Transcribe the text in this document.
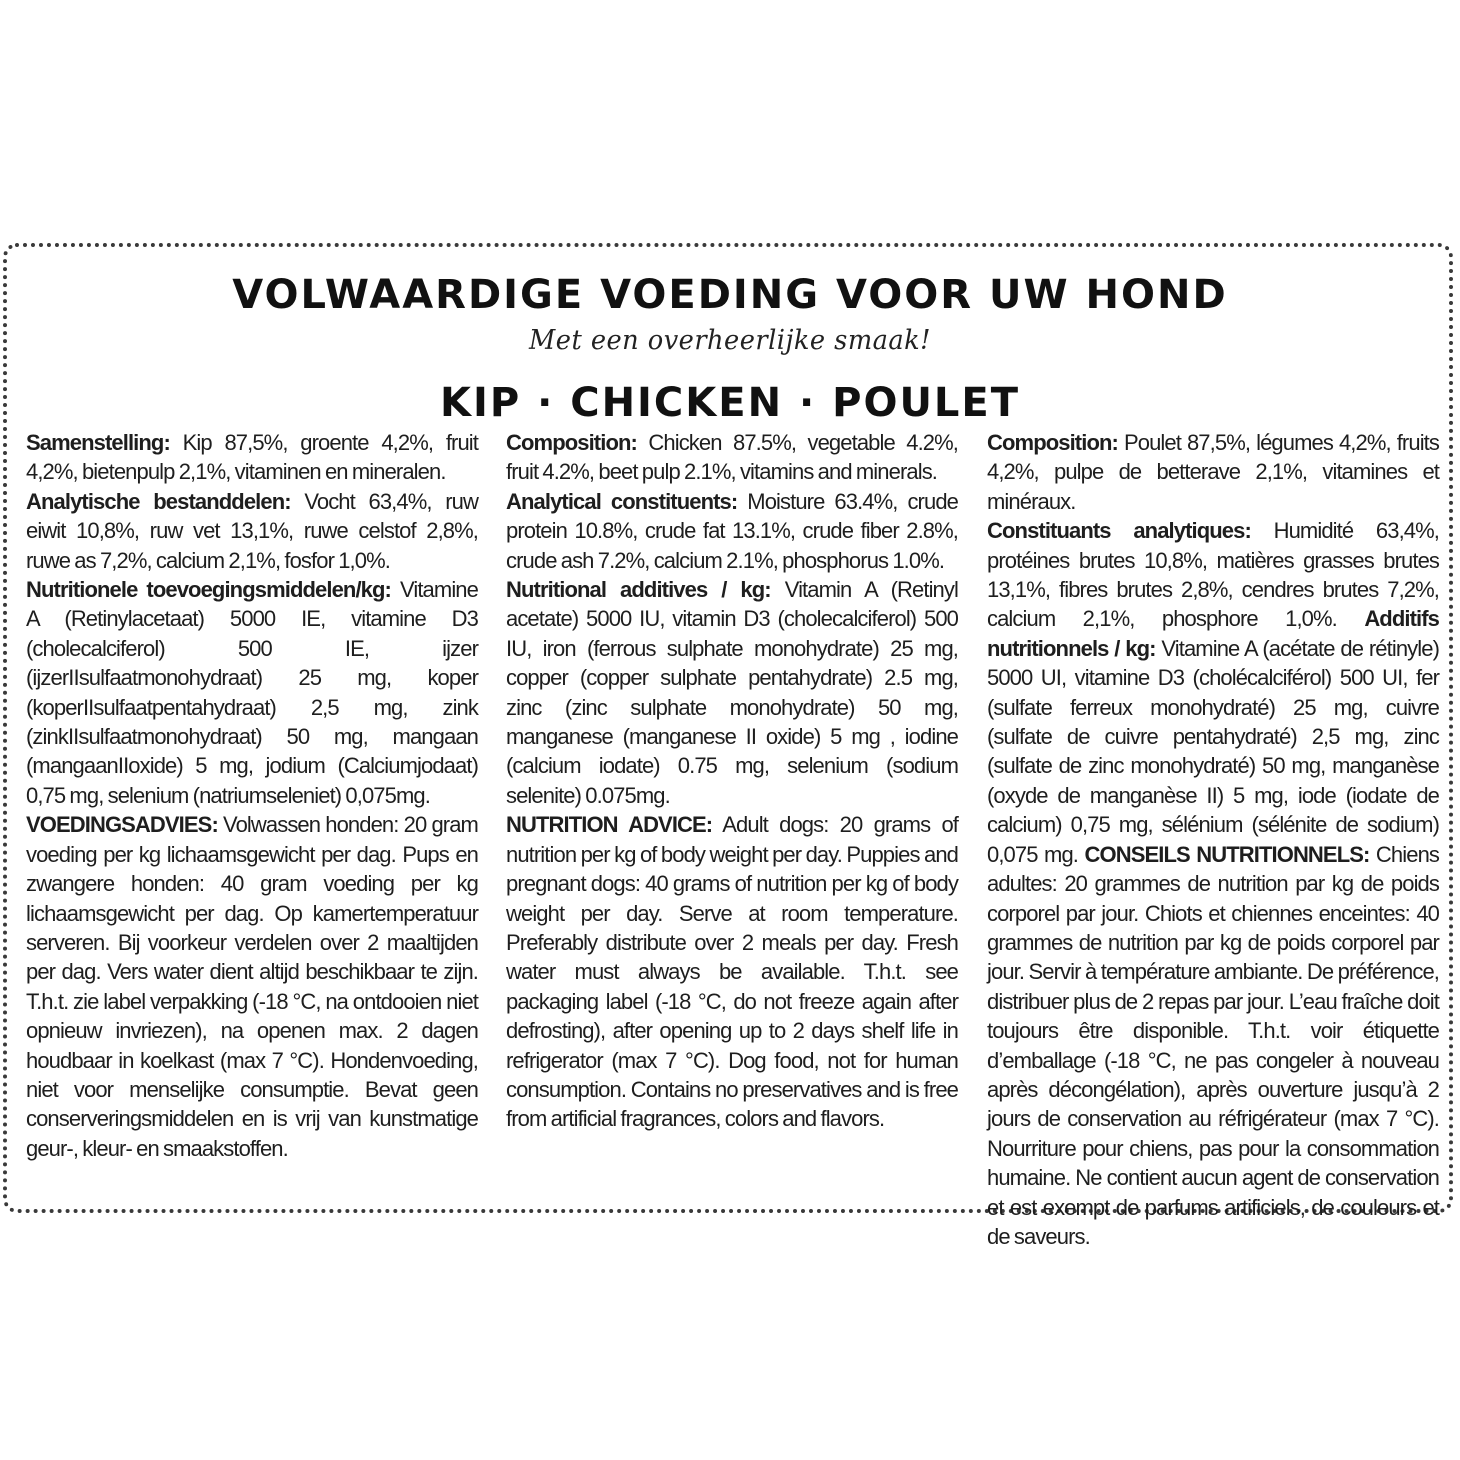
VOLWAARDIGE VOEDING VOOR UW HOND
Met een overheerlijke smaak!
KIP · CHICKEN · POULET

Samenstelling: Kip 87,5%, groente 4,2%, fruit 4,2%, bietenpulp 2,1%, vitaminen en mineralen.

Analytische bestanddelen: Vocht 63,4%, ruw eiwit 10,8%, ruw vet 13,1%, ruwe celstof 2,8%, ruwe as 7,2%, calcium 2,1%, fosfor 1,0%.

Nutritionele toevoegingsmiddelen/kg: Vitamine A (Retinylacetaat) 5000 IE, vitamine D3 (cholecalciferol) 500 IE, ijzer (ijzerIIsulfaatmonohydraat) 25 mg, koper (koperIIsulfaatpentahydraat) 2,5 mg, zink (zinkIIsulfaatmonohydraat) 50 mg, mangaan (mangaanIIoxide) 5 mg, jodium (Calciumjodaat) 0,75 mg, selenium (natriumseleniet) 0,075mg.

VOEDINGSADVIES: Volwassen honden: 20 gram voeding per kg lichaamsgewicht per dag. Pups en zwangere honden: 40 gram voeding per kg lichaamsgewicht per dag. Op kamertemperatuur serveren. Bij voorkeur verdelen over 2 maaltijden per dag. Vers water dient altijd beschikbaar te zijn. T.h.t. zie label verpakking (-18 °C, na ontdooien niet opnieuw invriezen), na openen max. 2 dagen houdbaar in koelkast (max 7 °C). Hondenvoeding, niet voor menselijke consumptie. Bevat geen conserveringsmiddelen en is vrij van kunstmatige geur-, kleur- en smaakstoffen.

Composition: Chicken 87.5%, vegetable 4.2%, fruit 4.2%, beet pulp 2.1%, vitamins and minerals.

Analytical constituents: Moisture 63.4%, crude protein 10.8%, crude fat 13.1%, crude fiber 2.8%, crude ash 7.2%, calcium 2.1%, phosphorus 1.0%.

Nutritional additives / kg: Vitamin A (Retinyl acetate) 5000 IU, vitamin D3 (cholecalciferol) 500 IU, iron (ferrous sulphate monohydrate) 25 mg, copper (copper sulphate pentahydrate) 2.5 mg, zinc (zinc sulphate monohydrate) 50 mg, manganese (manganese II oxide) 5 mg , iodine (calcium iodate) 0.75 mg, selenium (sodium selenite) 0.075mg.

NUTRITION ADVICE: Adult dogs: 20 grams of nutrition per kg of body weight per day. Puppies and pregnant dogs: 40 grams of nutrition per kg of body weight per day. Serve at room temperature. Preferably distribute over 2 meals per day. Fresh water must always be available. T.h.t. see packaging label (-18 °C, do not freeze again after defrosting), after opening up to 2 days shelf life in refrigerator (max 7 °C). Dog food, not for human consumption. Contains no preservatives and is free from artificial fragrances, colors and flavors.

Composition: Poulet 87,5%, légumes 4,2%, fruits 4,2%, pulpe de betterave 2,1%, vitamines et minéraux.

Constituants analytiques: Humidité 63,4%, protéines brutes 10,8%, matières grasses brutes 13,1%, fibres brutes 2,8%, cendres brutes 7,2%, calcium 2,1%, phosphore 1,0%. Additifs nutritionnels / kg: Vitamine A (acétate de rétinyle) 5000 UI, vitamine D3 (cholécalciférol) 500 UI, fer (sulfate ferreux monohydraté) 25 mg, cuivre (sulfate de cuivre pentahydraté) 2,5 mg, zinc (sulfate de zinc monohydraté) 50 mg, manganèse (oxyde de manganèse II) 5 mg, iode (iodate de calcium) 0,75 mg, sélénium (sélénite de sodium) 0,075 mg. CONSEILS NUTRITIONNELS: Chiens adultes: 20 grammes de nutrition par kg de poids corporel par jour. Chiots et chiennes enceintes: 40 grammes de nutrition par kg de poids corporel par jour. Servir à température ambiante. De préférence, distribuer plus de 2 repas par jour. L’eau fraîche doit toujours être disponible. T.h.t. voir étiquette d’emballage (-18 °C, ne pas congeler à nouveau après décongélation), après ouverture jusqu’à 2 jours de conservation au réfrigérateur (max 7 °C). Nourriture pour chiens, pas pour la consommation humaine. Ne contient aucun agent de conservation et est exempt de parfums artificiels, de couleurs et de saveurs.
